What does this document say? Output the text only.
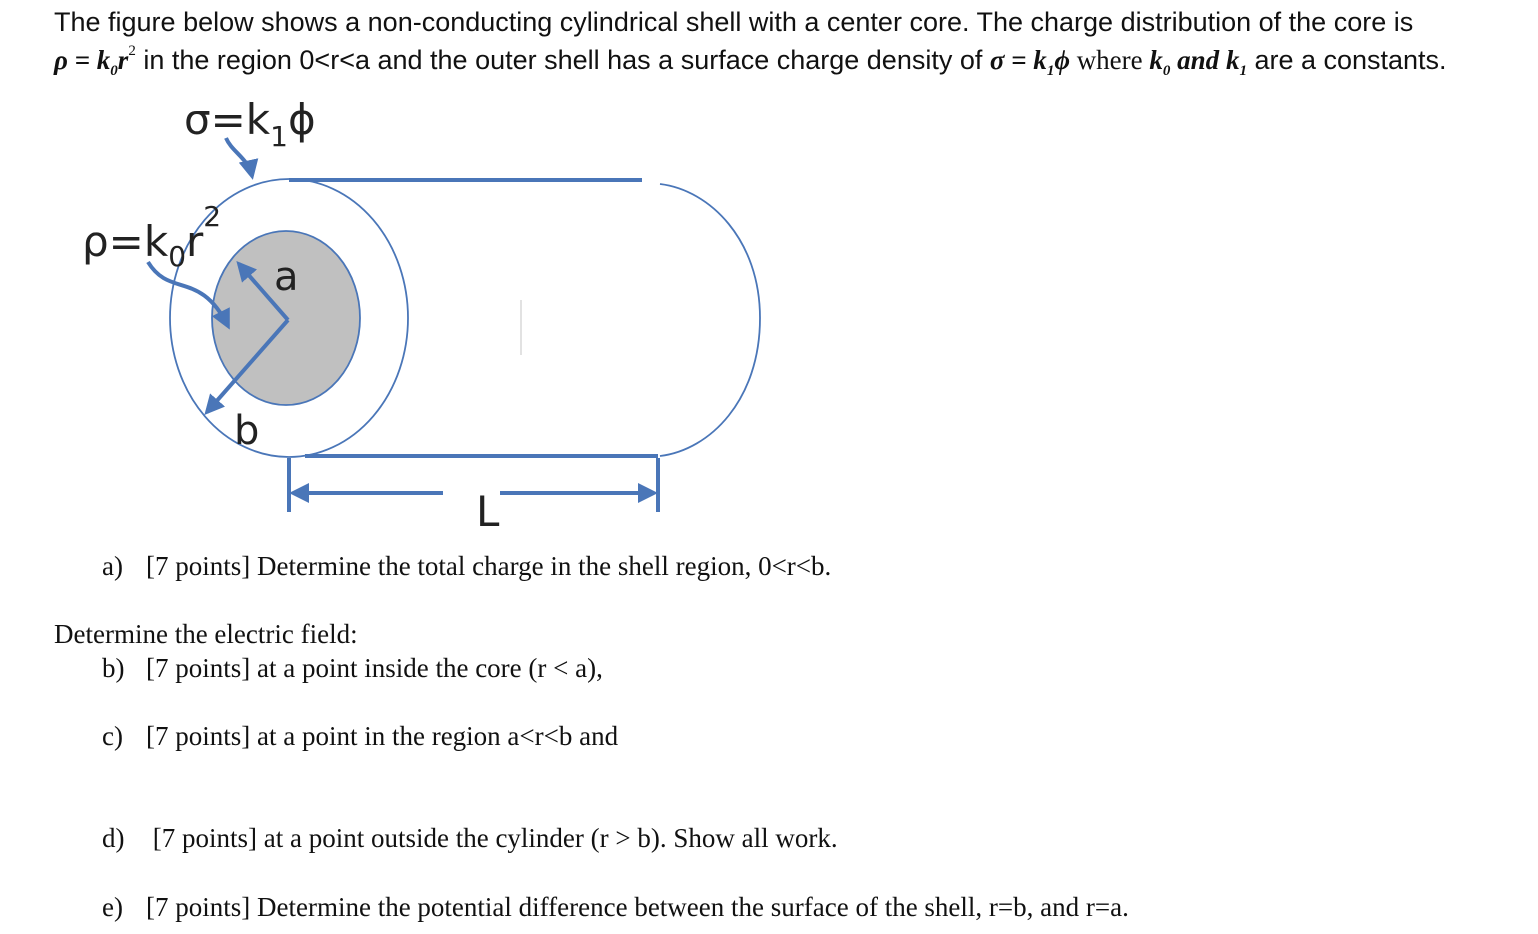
The figure below shows a non-conducting cylindrical shell with a center core. The charge distribution of the core is
$\rho = k_0r^2$ in the region 0<r<a and the outer shell has a surface charge density of $\sigma = k_1\phi$ where $k_0$ and $k_1$ are a constants.
$\sigma=k_1\phi$
$\rho=k_0r^2$
a
b
L
a) [7 points] Determine the total charge in the shell region, 0<r<b.
Determine the electric field:
b) [7 points] at a point inside the core (r < a),
c) [7 points] at a point in the region a<r<b and
d) [7 points] at a point outside the cylinder (r > b). Show all work.
e) [7 points] Determine the potential difference between the surface of the shell, r=b, and r=a.
